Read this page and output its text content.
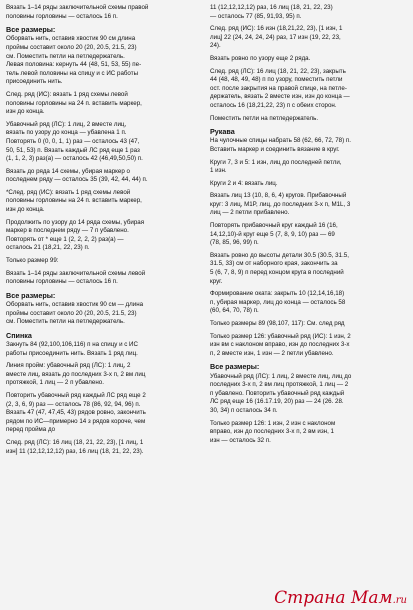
Вязать 1–14 ряды заключительной схемы правой
половины горловины — осталось 16 п.
Все размеры:
Оборвать нить, оставив хвостик 90 см длина
проймы составит около 20 (20, 20.5, 21.5, 23)
см. Поместить петли на петледержатель.
Левая половина: кернуть 44 (48, 51, 53, 55) пе-
тель левой половины на спицу и с ИС работы
присоединить нить.
След. ряд (ИС): вязать 1 ряд схемы левой
половины горловины на 24 п. вставить маркер,
изн до конца.
Убавочный ряд (ЛС): 1 лиц, 2 вместе лиц,
вязать по узору до конца — убавлена 1 п.
Повторять 0 (0, 0, 1, 1) раз — осталось 43 (47,
50, 51, 53) п. Вязать каждый ЛС ряд еще 1 раз
(1, 1, 2, 3) раз(а) — осталось 42 (46,49,50,50) п.
Вязать до ряда 14 схемы, убирая маркер о
последнем ряду — осталось 35 (39, 42, 44, 44) п.
*След. ряд (ИС): вязать 1 ряд схемы левой
половины горловины на 24 п. вставить маркер,
изн до конца.
Продолжить по узору до 14 ряда схемы, убирая
маркер в последнем ряду — 7 п убавлено.
Повторять от * еще 1 (2, 2, 2, 2) раз(а) —
осталось 21 (18,21, 22, 23) п.
Только размер 99:
Вязать 1–14 ряды заключительной схемы левой
половины горловины — осталось 16 п.
Все размеры:
Оборвать нить, оставив хвостик 90 см — длина
проймы составит около 20 (20, 20.5, 21.5, 23)
см. Поместить петли на петледержатель.
Спинка
Закнуть 84 (92,100,106,116) п на спицу и с ИС
работы присоединить нить. Вязать 1 ряд лиц.
Линия пройм: убавочный ряд (ЛС): 1 лиц, 2
вместе лиц, вязать до последних 3-х п, 2 вм лиц
протяжкой, 1 лиц — 2 п убавлено.
Повторить убавочный ряд каждый ЛС ряд еще 2
(2, 3, 6, 9) раз — осталось 78 (86, 92, 94, 96) п.
Вязать 47 (47, 47,45, 43) рядов ровно, закончить
рядом по ИС—примерно 14 з рядов короче, чем
перед пройма до
След. ряд (ЛС): 16 лиц (18, 21, 22, 23), [1 лиц, 1
изн] 11 (12,12,12,12) раз, 16 лиц (18, 21, 22, 23).
11 (12,12,12,12) раз, 16 лиц (18, 21, 22, 23)
— осталось 77 (85, 91,93, 95) п.
След. ряд (ИС): 16 изн (18,21,22, 23), [1 изн, 1
лиц] 22 (24, 24, 24, 24) раз, 17 изн (19, 22, 23,
24).
Вязать ровно по узору еще 2 ряда.
След. ряд (ЛС): 16 лиц (18, 21, 22, 23), закрыть
44 (48, 48, 49, 48) п по узору, поместить петли
ост. после закрытия на правой спице, на петле-
держатель, вязать 2 вместе изн, изн до конца —
осталось 16 (18,21,22, 23) п с обеих сторон.
Поместить петли на петледержатель.
Рукава
На чулочные спицы набрать 58 (62, 66, 72, 78) п.
Вставить маркер и соединить вязание в круг.
Круги 7, 3 и 5: 1 изн, лиц до последней петли,
1 изн.
Круги 2 и 4: вязать лиц.
Вязать лиц 13 (10, 8, 6, 4) кругов. Прибавочный
круг: 3 лиц, M1P, лиц, до последних 3-х п, M1L, 3
лиц — 2 петли прибавлено.
Повторять прибавочный круг каждый 16 (16,
14,12,10)-й круг еще 5 (7, 8, 9, 10) раз — 69
(78, 85, 96, 99) п.
Вязать ровно до высоты детали 30.5 (30.5, 31.5,
31.5, 33) см от наборного края, закончить за
5 (6, 7, 8, 9) п перед концом круга в последний
круг.
Формирование оката: закрыть 10 (12,14,16,18)
п, убирая маркер, лиц до конца — осталось 58
(60, 64, 70, 78) п.
Только размеры 89 (98,107, 117): См. след ряд
Только размер 126: убавочный ряд (ИС): 1 изн, 2
изн вм с наклоном вправо, изн до последних 3-х
п, 2 вместе изн, 1 изн — 2 петли убавлено.
Все размеры:
Убавочный ряд (ЛС): 1 лиц, 2 вместе лиц, лиц до
последних 3-х п, 2 вм лиц протяжкой, 1 лиц — 2
п убавлено. Повторить убавочный ряд каждый
ЛС ряд еще 16 (16.17.19, 20) раз — 24 (26. 28.
30, 34) п осталось 34 п.
Только размер 126: 1 изн, 2 изн с наклоном
вправо, изн до последних 3-х п, 2 вм изн, 1
изн — осталось 32 п.
Страна Мам.ru
